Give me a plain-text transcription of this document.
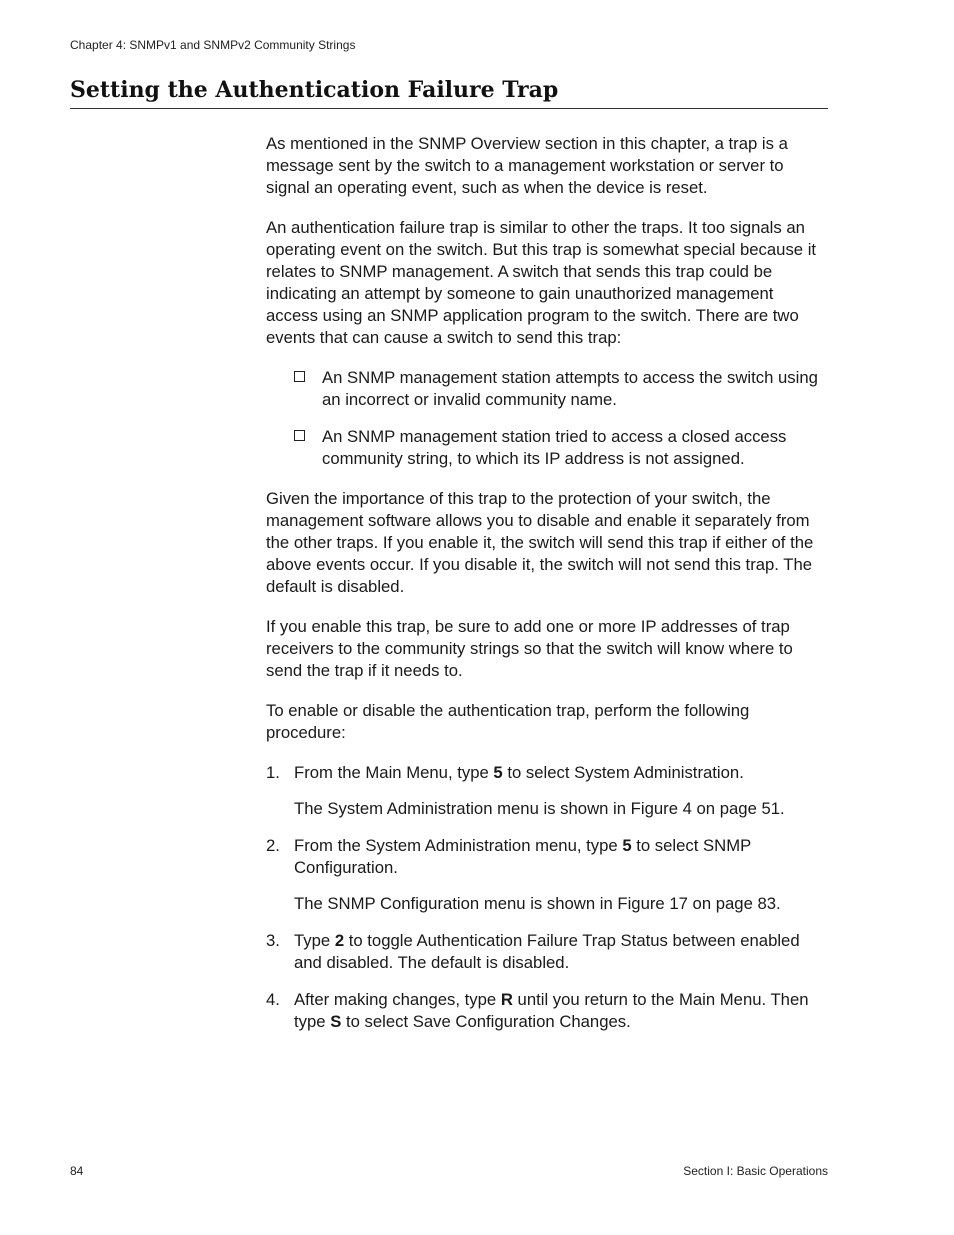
Chapter 4: SNMPv1 and SNMPv2 Community Strings
Setting the Authentication Failure Trap

As mentioned in the SNMP Overview section in this chapter, a trap is a message sent by the switch to a management workstation or server to signal an operating event, such as when the device is reset.

An authentication failure trap is similar to other the traps. It too signals an operating event on the switch. But this trap is somewhat special because it relates to SNMP management. A switch that sends this trap could be indicating an attempt by someone to gain unauthorized management access using an SNMP application program to the switch. There are two events that can cause a switch to send this trap:

An SNMP management station attempts to access the switch using an incorrect or invalid community name.
An SNMP management station tried to access a closed access community string, to which its IP address is not assigned.

Given the importance of this trap to the protection of your switch, the management software allows you to disable and enable it separately from the other traps. If you enable it, the switch will send this trap if either of the above events occur. If you disable it, the switch will not send this trap. The default is disabled.

If you enable this trap, be sure to add one or more IP addresses of trap receivers to the community strings so that the switch will know where to send the trap if it needs to.

To enable or disable the authentication trap, perform the following procedure:

1. From the Main Menu, type 5 to select System Administration.
The System Administration menu is shown in Figure 4 on page 51.
2. From the System Administration menu, type 5 to select SNMP Configuration.
The SNMP Configuration menu is shown in Figure 17 on page 83.
3. Type 2 to toggle Authentication Failure Trap Status between enabled and disabled. The default is disabled.
4. After making changes, type R until you return to the Main Menu. Then type S to select Save Configuration Changes.
84	Section I: Basic Operations
